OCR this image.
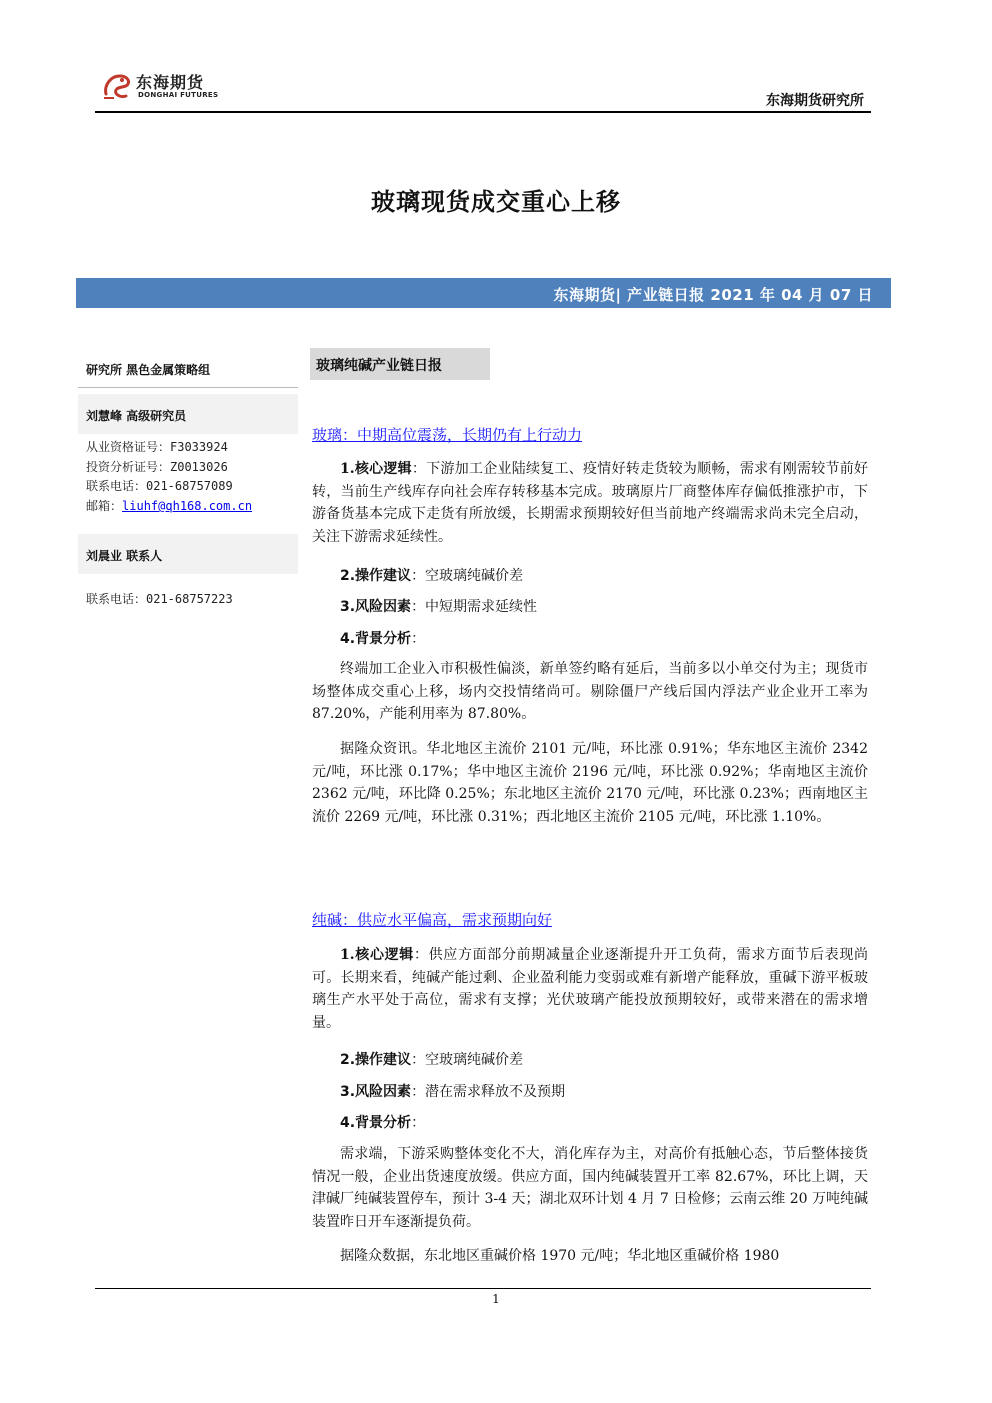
东海期货
DONGHAI FUTURES	东海期货研究所
玻璃现货成交重心上移
东海期货| 产业链日报 2021 年 04 月 07 日
研究所 黑色金属策略组
刘慧峰 高级研究员
从业资格证号：F3033924
投资分析证号：Z0013026
联系电话：021-68757089
邮箱：liuhf@qh168.com.cn
刘晨业 联系人
联系电话：021-68757223
玻璃纯碱产业链日报
玻璃：中期高位震荡，长期仍有上行动力
1.核心逻辑：下游加工企业陆续复工、疫情好转走货较为顺畅，需求有刚需较节前好转，当前生产线库存向社会库存转移基本完成。玻璃原片厂商整体库存偏低推涨护市，下游备货基本完成下走货有所放缓，长期需求预期较好但当前地产终端需求尚未完全启动，关注下游需求延续性。
2.操作建议：空玻璃纯碱价差
3.风险因素：中短期需求延续性
4.背景分析：
终端加工企业入市积极性偏淡，新单签约略有延后，当前多以小单交付为主；现货市场整体成交重心上移，场内交投情绪尚可。剔除僵尸产线后国内浮法产业企业开工率为 87.20%，产能利用率为 87.80%。
据隆众资讯。华北地区主流价 2101 元/吨，环比涨 0.91%；华东地区主流价 2342 元/吨，环比涨 0.17%；华中地区主流价 2196 元/吨，环比涨 0.92%；华南地区主流价 2362 元/吨，环比降 0.25%；东北地区主流价 2170 元/吨，环比涨 0.23%；西南地区主流价 2269 元/吨，环比涨 0.31%；西北地区主流价 2105 元/吨，环比涨 1.10%。
纯碱：供应水平偏高，需求预期向好
1.核心逻辑：供应方面部分前期减量企业逐渐提升开工负荷，需求方面节后表现尚可。长期来看，纯碱产能过剩、企业盈利能力变弱或难有新增产能释放，重碱下游平板玻璃生产水平处于高位，需求有支撑；光伏玻璃产能投放预期较好，或带来潜在的需求增量。
2.操作建议：空玻璃纯碱价差
3.风险因素：潜在需求释放不及预期
4.背景分析：
需求端，下游采购整体变化不大，消化库存为主，对高价有抵触心态，节后整体接货情况一般，企业出货速度放缓。供应方面，国内纯碱装置开工率 82.67%，环比上调，天津碱厂纯碱装置停车，预计 3-4 天；湖北双环计划 4 月 7 日检修；云南云维 20 万吨纯碱装置昨日开车逐渐提负荷。
据隆众数据，东北地区重碱价格 1970 元/吨；华北地区重碱价格 1980
1
